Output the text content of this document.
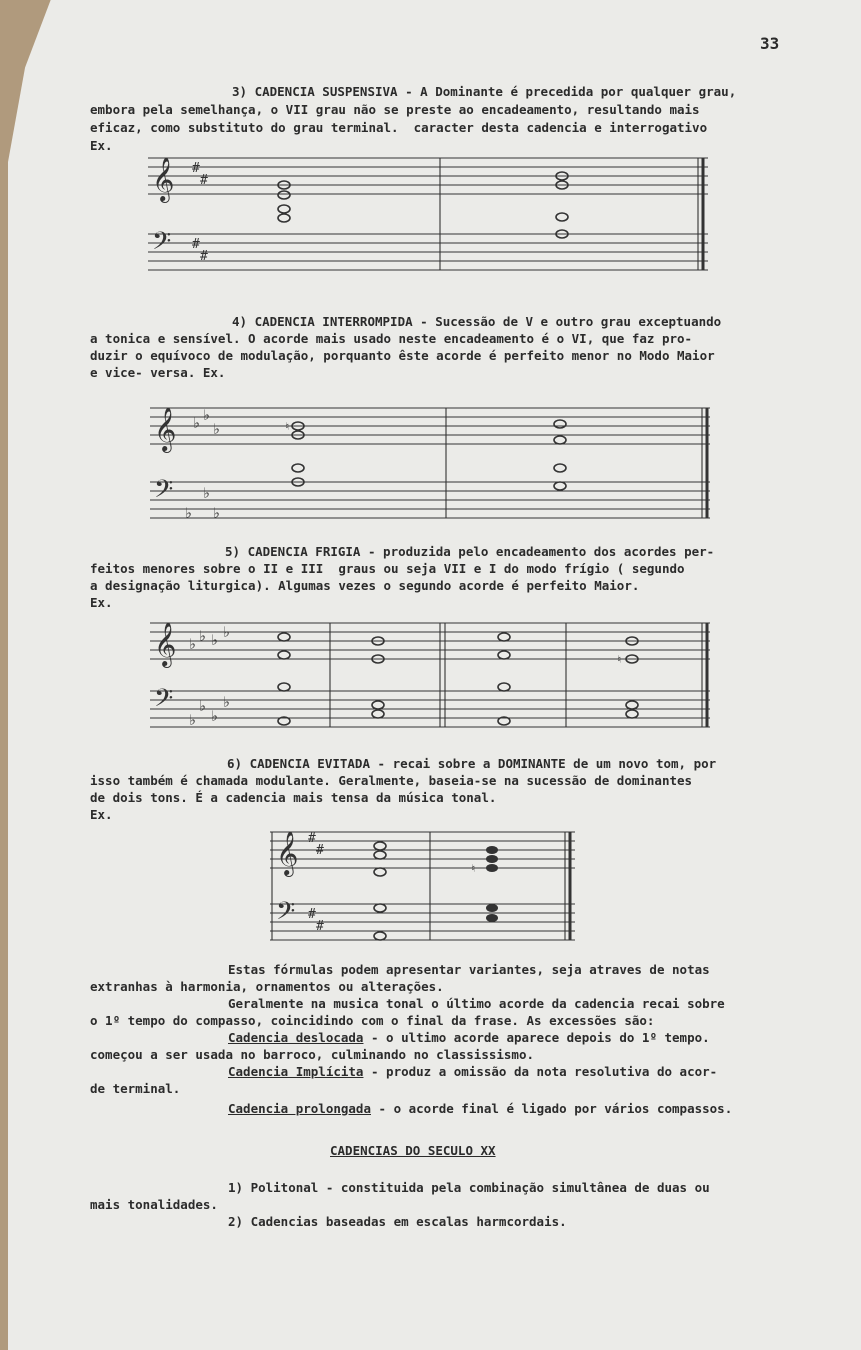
33
3) CADENCIA SUSPENSIVA - A Dominante é precedida por qualquer grau,
embora pela semelhança, o VII grau não se preste ao encadeamento, resultando mais
eficaz, como substituto do grau terminal.  caracter desta cadencia e interrogativo
Ex.
𝄞
𝄢
#
#
#
#
4) CADENCIA INTERROMPIDA - Sucessão de V e outro grau exceptuando
a tonica e sensível. O acorde mais usado neste encadeamento é o VI, que faz pro-
duzir o equívoco de modulação, porquanto êste acorde é perfeito menor no Modo Maior
e vice- versa. Ex.
𝄞
𝄢
♭ ♭
♭
♭
♭
♭
♮
5) CADENCIA FRIGIA - produzida pelo encadeamento dos acordes per-
feitos menores sobre o II e III  graus ou seja VII e I do modo frígio ( segundo
a designação liturgica). Algumas vezes o segundo acorde é perfeito Maior.
Ex.
𝄞
𝄢
♭ ♭ ♭ ♭
♭
♭
♭
♭
♮
6) CADENCIA EVITADA - recai sobre a DOMINANTE de um novo tom, por
isso também é chamada modulante. Geralmente, baseia-se na sucessão de dominantes
de dois tons. É a cadencia mais tensa da música tonal.
Ex.
𝄞
𝄢
#
#
#
#
♮
Estas fórmulas podem apresentar variantes, seja atraves de notas
extranhas à harmonia, ornamentos ou alterações.
Geralmente na musica tonal o último acorde da cadencia recai sobre
o 1º tempo do compasso, coincidindo com o final da frase. As excessões são:
Cadencia deslocada - o ultimo acorde aparece depois do 1º tempo.
começou a ser usada no barroco, culminando no classissismo.
Cadencia Implícita - produz a omissão da nota resolutiva do acor-
de terminal.
Cadencia prolongada - o acorde final é ligado por vários compassos.
CADENCIAS DO SECULO XX
1) Politonal - constituida pela combinação simultânea de duas ou
mais tonalidades.
2) Cadencias baseadas em escalas harmcordais.
